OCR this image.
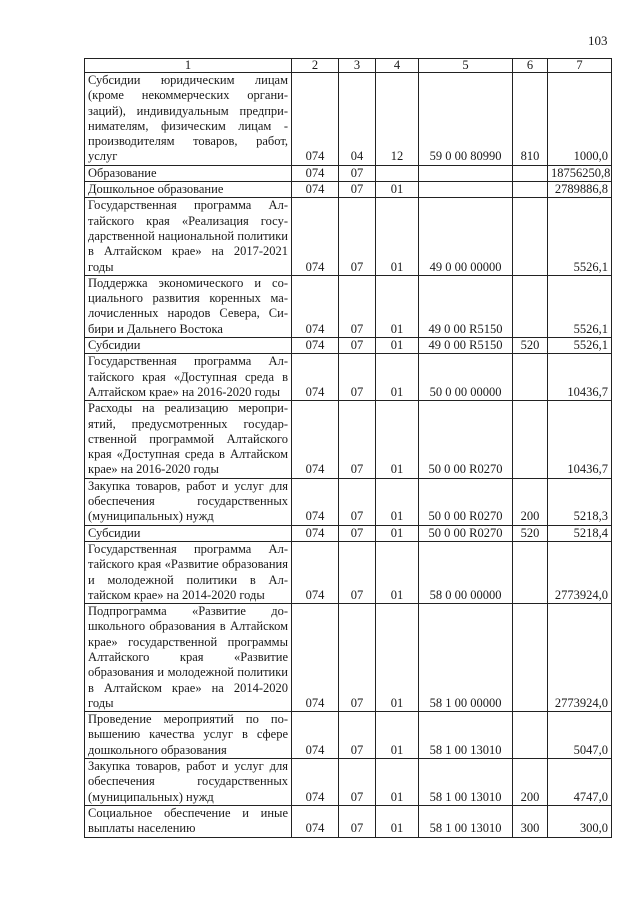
103
1	2	3	4	5	6	7
Субсидии юридическим лицам (кроме некоммерческих организаций), индивидуальным предпринимателям, физическим лицам - производителям товаров, работ, услуг	074	04	12	59 0 00 80990	810	1000,0
Образование	074	07				18756250,8
Дошкольное образование	074	07	01			2789886,8
Государственная программа Алтайского края «Реализация государственной национальной политики в Алтайском крае» на 2017-2021 годы	074	07	01	49 0 00 00000		5526,1
Поддержка экономического и социального развития коренных малочисленных народов Севера, Сибири и Дальнего Востока	074	07	01	49 0 00 R5150		5526,1
Субсидии	074	07	01	49 0 00 R5150	520	5526,1
Государственная программа Алтайского края «Доступная среда в Алтайском крае» на 2016-2020 годы	074	07	01	50 0 00 00000		10436,7
Расходы на реализацию мероприятий, предусмотренных государственной программой Алтайского края «Доступная среда в Алтайском крае» на 2016-2020 годы	074	07	01	50 0 00 R0270		10436,7
Закупка товаров, работ и услуг для обеспечения государственных (муниципальных) нужд	074	07	01	50 0 00 R0270	200	5218,3
Субсидии	074	07	01	50 0 00 R0270	520	5218,4
Государственная программа Алтайского края «Развитие образования и молодежной политики в Алтайском крае» на 2014-2020 годы	074	07	01	58 0 00 00000		2773924,0
Подпрограмма «Развитие дошкольного образования в Алтайском крае» государственной программы Алтайского края «Развитие образования и молодежной политики в Алтайском крае» на 2014-2020 годы	074	07	01	58 1 00 00000		2773924,0
Проведение мероприятий по повышению качества услуг в сфере дошкольного образования	074	07	01	58 1 00 13010		5047,0
Закупка товаров, работ и услуг для обеспечения государственных (муниципальных) нужд	074	07	01	58 1 00 13010	200	4747,0
Социальное обеспечение и иные выплаты населению	074	07	01	58 1 00 13010	300	300,0
